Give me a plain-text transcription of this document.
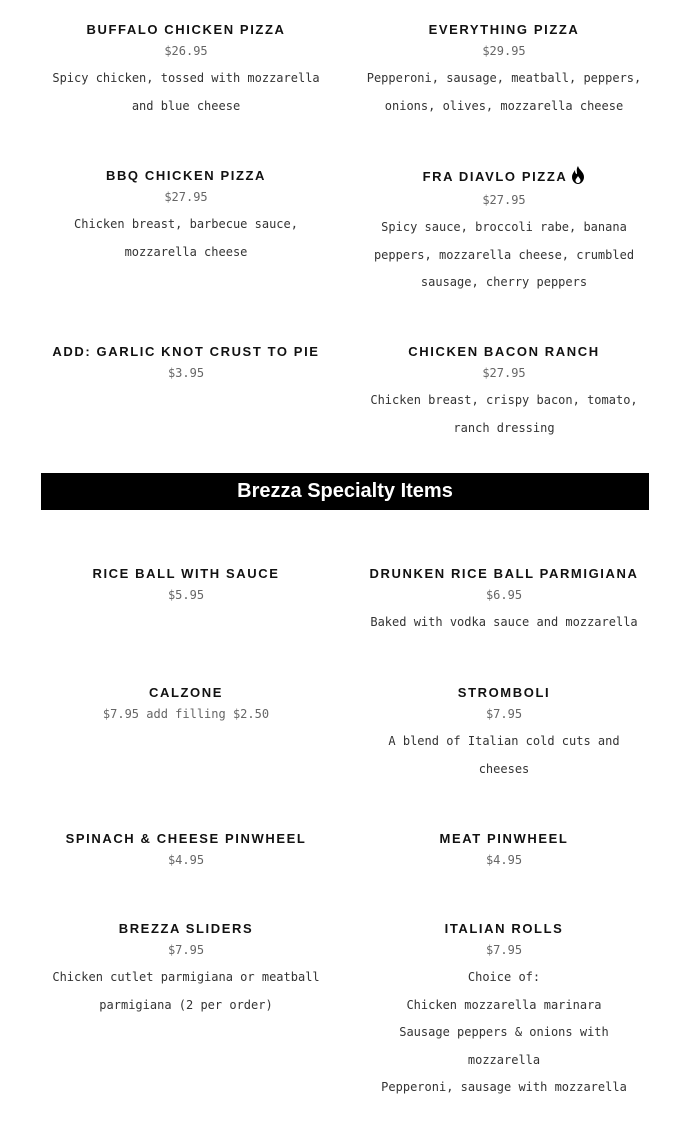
BUFFALO CHICKEN PIZZA
$26.95
Spicy chicken, tossed with mozzarella
and blue cheese
EVERYTHING PIZZA
$29.95
Pepperoni, sausage, meatball, peppers,
onions, olives, mozzarella cheese
BBQ CHICKEN PIZZA
$27.95
Chicken breast, barbecue sauce,
mozzarella cheese
FRA DIAVLO PIZZA
$27.95
Spicy sauce, broccoli rabe, banana
peppers, mozzarella cheese, crumbled
sausage, cherry peppers
ADD: GARLIC KNOT CRUST TO PIE
$3.95
CHICKEN BACON RANCH
$27.95
Chicken breast, crispy bacon, tomato,
ranch dressing
Brezza Specialty Items
RICE BALL WITH SAUCE
$5.95
DRUNKEN RICE BALL PARMIGIANA
$6.95
Baked with vodka sauce and mozzarella
CALZONE
$7.95 add filling $2.50
STROMBOLI
$7.95
A blend of Italian cold cuts and
cheeses
SPINACH & CHEESE PINWHEEL
$4.95
MEAT PINWHEEL
$4.95
BREZZA SLIDERS
$7.95
Chicken cutlet parmigiana or meatball
parmigiana (2 per order)
ITALIAN ROLLS
$7.95
Choice of:
Chicken mozzarella marinara
Sausage peppers & onions with
mozzarella
Pepperoni, sausage with mozzarella
